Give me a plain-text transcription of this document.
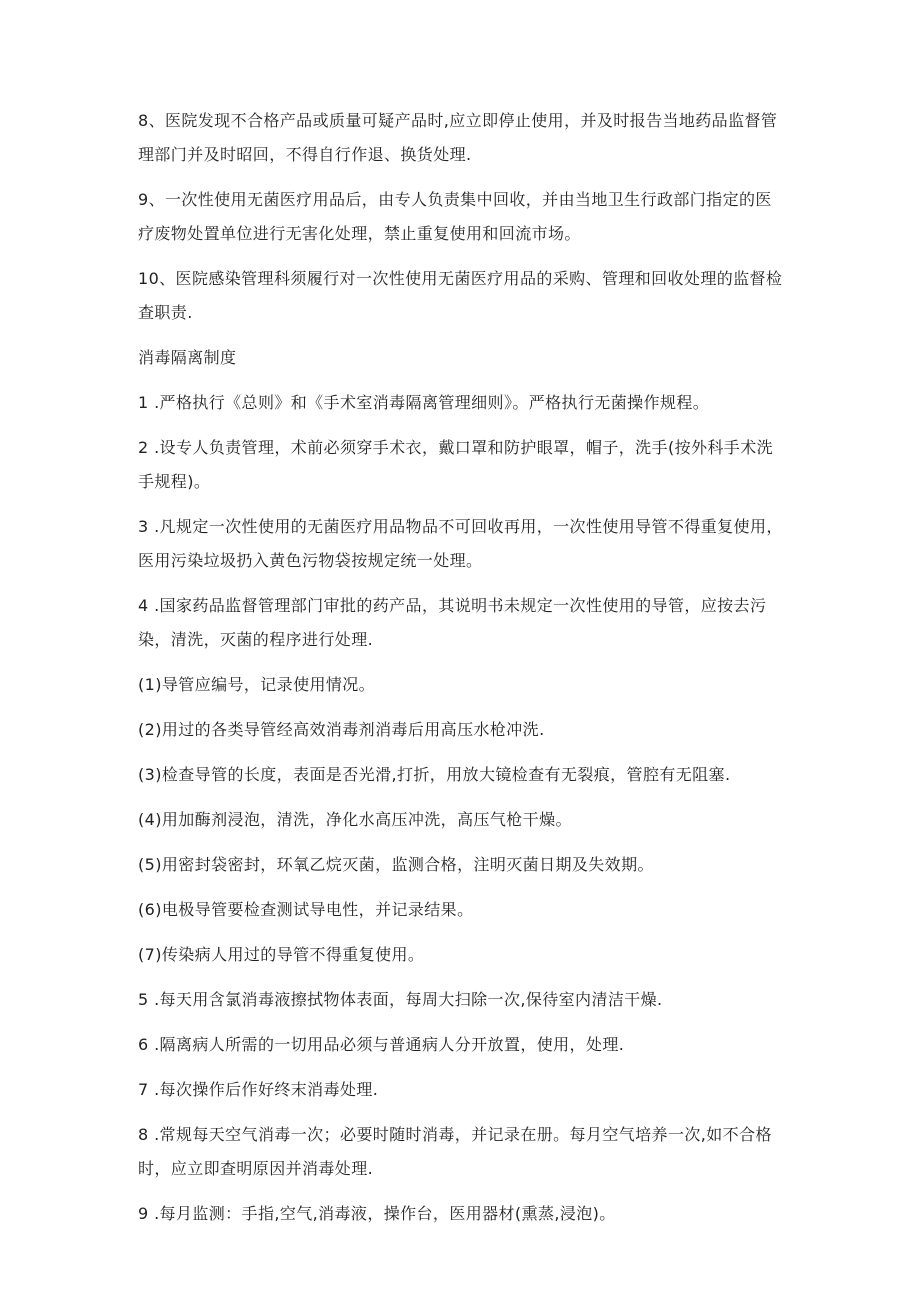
8、医院发现不合格产品或质量可疑产品时,应立即停止使用，并及时报告当地药品监督管理部门并及时昭回，不得自行作退、换货处理.

9、一次性使用无菌医疗用品后，由专人负责集中回收，并由当地卫生行政部门指定的医疗废物处置单位进行无害化处理，禁止重复使用和回流市场。

10、医院感染管理科须履行对一次性使用无菌医疗用品的采购、管理和回收处理的监督检查职责.

消毒隔离制度

1 .严格执行《总则》和《手术室消毒隔离管理细则》。严格执行无菌操作规程。

2 .设专人负责管理，术前必须穿手术衣，戴口罩和防护眼罩，帽子，洗手(按外科手术洗手规程)。

3 .凡规定一次性使用的无菌医疗用品物品不可回收再用，一次性使用导管不得重复使用，医用污染垃圾扔入黄色污物袋按规定统一处理。

4 .国家药品监督管理部门审批的药产品，其说明书未规定一次性使用的导管，应按去污染，清洗，灭菌的程序进行处理.

(1)导管应编号，记录使用情况。

(2)用过的各类导管经高效消毒剂消毒后用高压水枪冲洗.

(3)检查导管的长度，表面是否光滑,打折，用放大镜检查有无裂痕，管腔有无阻塞.

(4)用加酶剂浸泡，清洗，净化水高压冲洗，高压气枪干燥。

(5)用密封袋密封，环氧乙烷灭菌，监测合格，注明灭菌日期及失效期。

(6)电极导管要检查测试导电性，并记录结果。

(7)传染病人用过的导管不得重复使用。

5 .每天用含氯消毒液擦拭物体表面，每周大扫除一次,保待室内清洁干燥.

6 .隔离病人所需的一切用品必须与普通病人分开放置，使用，处理.

7 .每次操作后作好终末消毒处理.

8 .常规每天空气消毒一次；必要时随时消毒，并记录在册。每月空气培养一次,如不合格时，应立即查明原因并消毒处理.

9 .每月监测：手指,空气,消毒液，操作台，医用器材(熏蒸,浸泡)。
